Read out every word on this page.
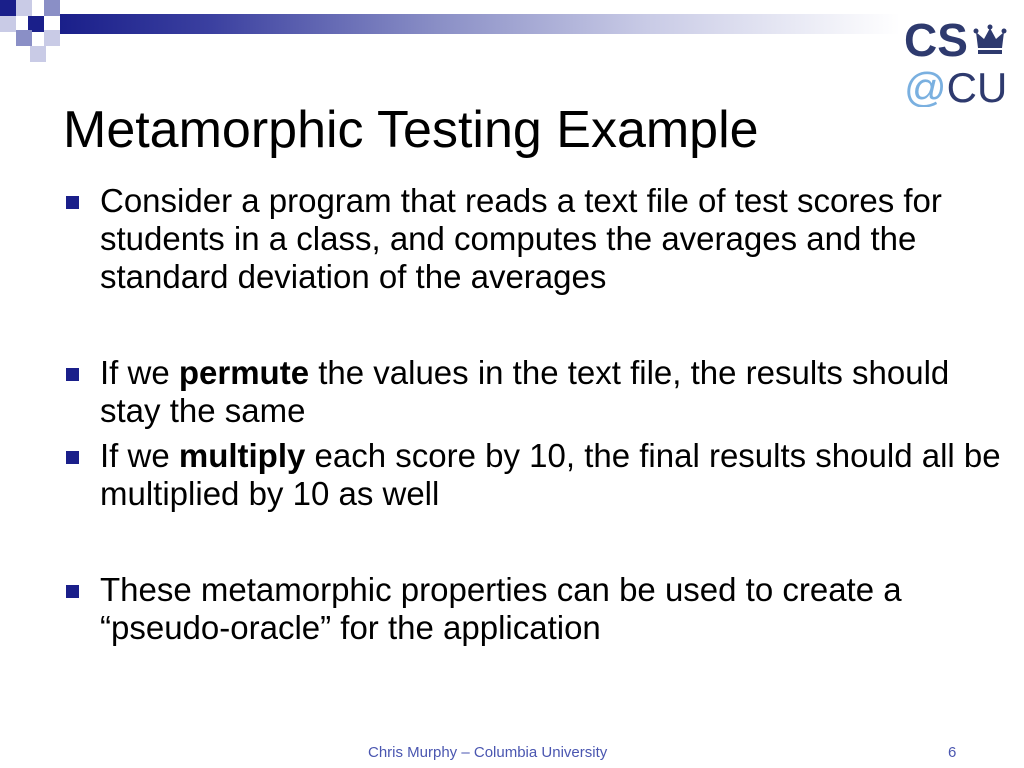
CS
@CU
Metamorphic Testing Example
Consider a program that reads a text file of test scores for students in a class, and computes the averages and the standard deviation of the averages
If we permute the values in the text file, the results should stay the same
If we multiply each score by 10, the final results should all be multiplied by 10 as well
These metamorphic properties can be used to create a “pseudo-oracle” for the application
Chris Murphy – Columbia University	6
